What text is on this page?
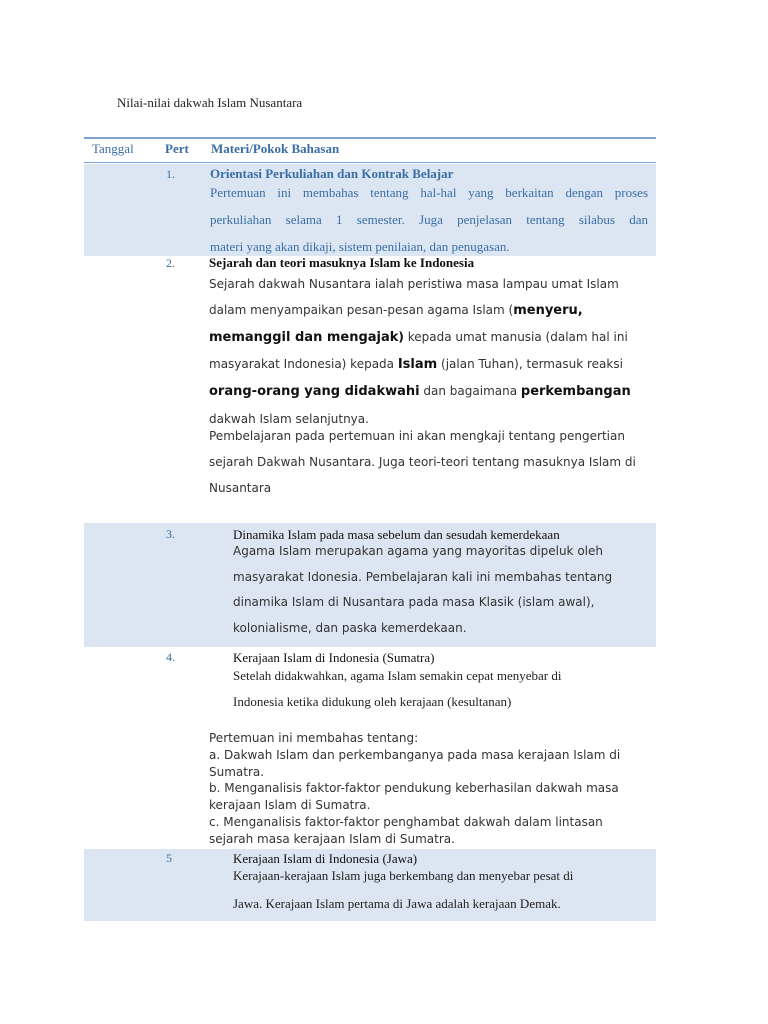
Nilai-nilai dakwah Islam Nusantara
Tanggal Pert Materi/Pokok Bahasan
1.	Orientasi Perkuliahan dan Kontrak Belajar
Pertemuan ini membahas tentang hal-hal yang berkaitan dengan proses
perkuliahan selama 1 semester. Juga penjelasan tentang silabus dan
materi yang akan dikaji, sistem penilaian, dan penugasan.
2.	Sejarah dan teori masuknya Islam ke Indonesia
Sejarah dakwah Nusantara ialah peristiwa masa lampau umat Islam
dalam menyampaikan pesan-pesan agama Islam (menyeru,
memanggil dan mengajak) kepada umat manusia (dalam hal ini
masyarakat Indonesia) kepada Islam (jalan Tuhan), termasuk reaksi
orang-orang yang didakwahi dan bagaimana perkembangan
dakwah Islam selanjutnya.
Pembelajaran pada pertemuan ini akan mengkaji tentang pengertian
sejarah Dakwah Nusantara. Juga teori-teori tentang masuknya Islam di
Nusantara
3.	Dinamika Islam pada masa sebelum dan sesudah kemerdekaan
Agama Islam merupakan agama yang mayoritas dipeluk oleh
masyarakat Idonesia. Pembelajaran kali ini membahas tentang
dinamika Islam di Nusantara pada masa Klasik (islam awal),
kolonialisme, dan paska kemerdekaan.
4.	Kerajaan Islam di Indonesia (Sumatra)
Setelah didakwahkan, agama Islam semakin cepat menyebar di
Indonesia ketika didukung oleh kerajaan (kesultanan)
Pertemuan ini membahas tentang:
a. Dakwah Islam dan perkembanganya pada masa kerajaan Islam di
Sumatra.
b. Menganalisis faktor-faktor pendukung keberhasilan dakwah masa
kerajaan Islam di Sumatra.
c. Menganalisis faktor-faktor penghambat dakwah dalam lintasan
sejarah masa kerajaan Islam di Sumatra.
5	Kerajaan Islam di Indonesia (Jawa)
Kerajaan-kerajaan Islam juga berkembang dan menyebar pesat di
Jawa. Kerajaan Islam pertama di Jawa adalah kerajaan Demak.
